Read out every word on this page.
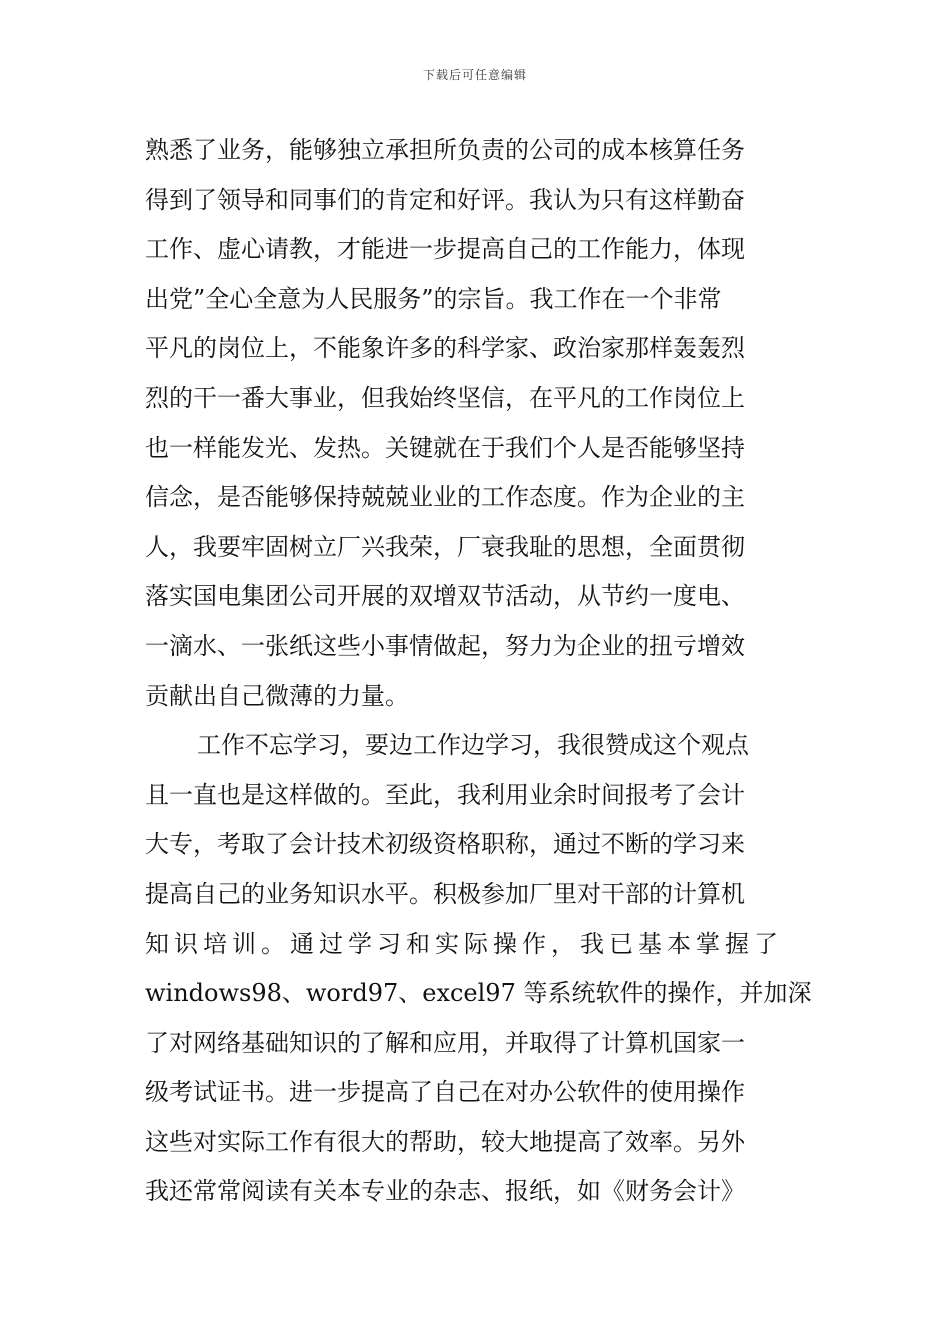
下载后可任意编辑
熟悉了业务，能够独立承担所负责的公司的成本核算任务
得到了领导和同事们的肯定和好评。我认为只有这样勤奋
工作、虚心请教，才能进一步提高自己的工作能力，体现
出党”全心全意为人民服务”的宗旨。我工作在一个非常
平凡的岗位上，不能象许多的科学家、政治家那样轰轰烈
烈的干一番大事业，但我始终坚信，在平凡的工作岗位上
也一样能发光、发热。关键就在于我们个人是否能够坚持
信念，是否能够保持兢兢业业的工作态度。作为企业的主
人，我要牢固树立厂兴我荣，厂衰我耻的思想，全面贯彻
落实国电集团公司开展的双增双节活动，从节约一度电、
一滴水、一张纸这些小事情做起，努力为企业的扭亏增效
贡献出自己微薄的力量。
工作不忘学习，要边工作边学习，我很赞成这个观点
且一直也是这样做的。至此，我利用业余时间报考了会计
大专，考取了会计技术初级资格职称，通过不断的学习来
提高自己的业务知识水平。积极参加厂里对干部的计算机
知识培训。通过学习和实际操作，我已基本掌握了
windows98、word97、excel97 等系统软件的操作，并加深
了对网络基础知识的了解和应用，并取得了计算机国家一
级考试证书。进一步提高了自己在对办公软件的使用操作
这些对实际工作有很大的帮助，较大地提高了效率。另外
我还常常阅读有关本专业的杂志、报纸，如《财务会计》
